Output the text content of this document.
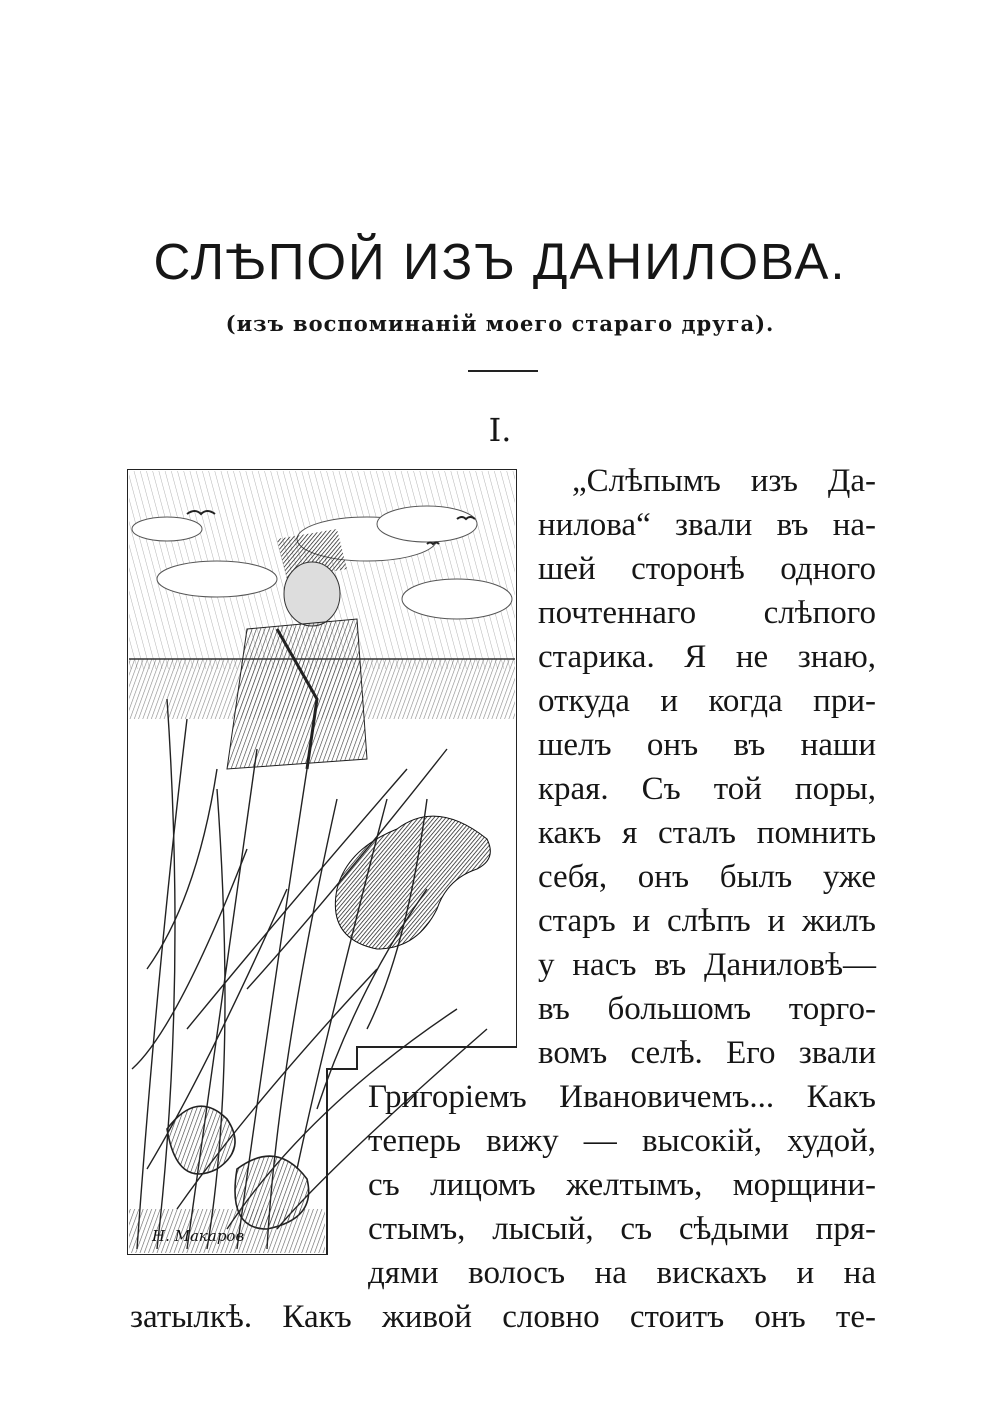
СЛѢПОЙ ИЗЪ ДАНИЛОВА.
(изъ воспоминаній моего стараго друга).
I.
Н. Макаров
„Слѣпымъ изъ Да-
нилова“ звали въ на-
шей сторонѣ одного
почтеннаго слѣпого
старика. Я не знаю,
откуда и когда при-
шелъ онъ въ наши
края. Съ той поры,
какъ я сталъ помнить
себя, онъ былъ уже
старъ и слѣпъ и жилъ
у насъ въ Даниловѣ—
въ большомъ торго-
вомъ селѣ. Его звали
Григоріемъ Ивановичемъ... Какъ
теперь вижу — высокій, худой,
съ лицомъ желтымъ, морщини-
стымъ, лысый, съ сѣдыми пря-
дями волосъ на вискахъ и на
затылкѣ. Какъ живой словно стоитъ онъ те-
